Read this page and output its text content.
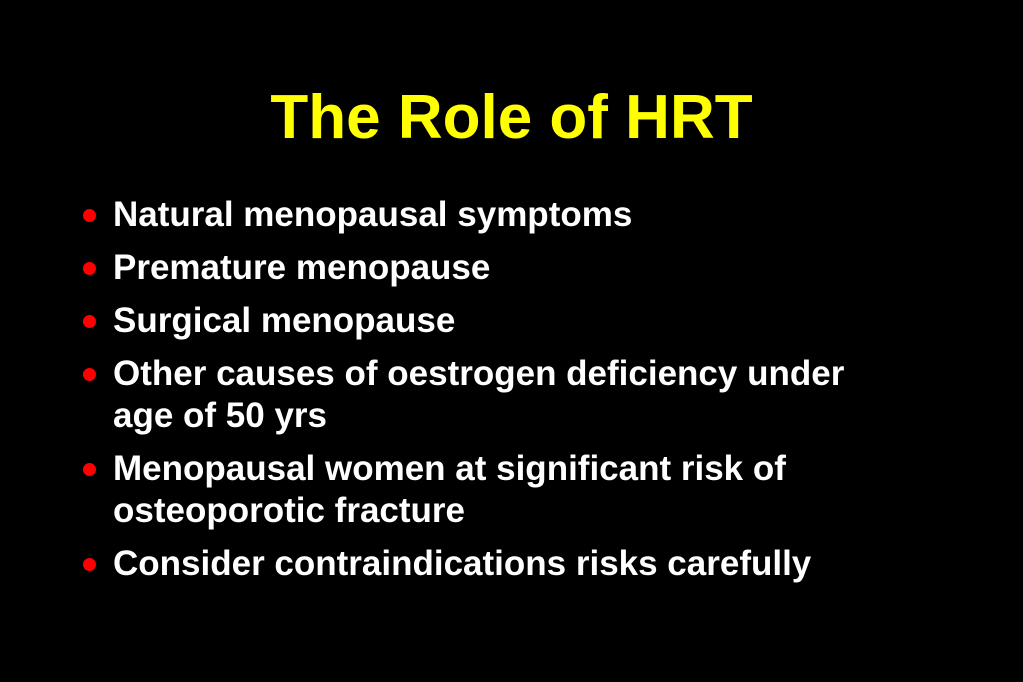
The Role of HRT
Natural menopausal symptoms
Premature menopause
Surgical menopause
Other causes of oestrogen deficiency under age of 50 yrs
Menopausal women at significant risk of osteoporotic fracture
Consider contraindications risks carefully
